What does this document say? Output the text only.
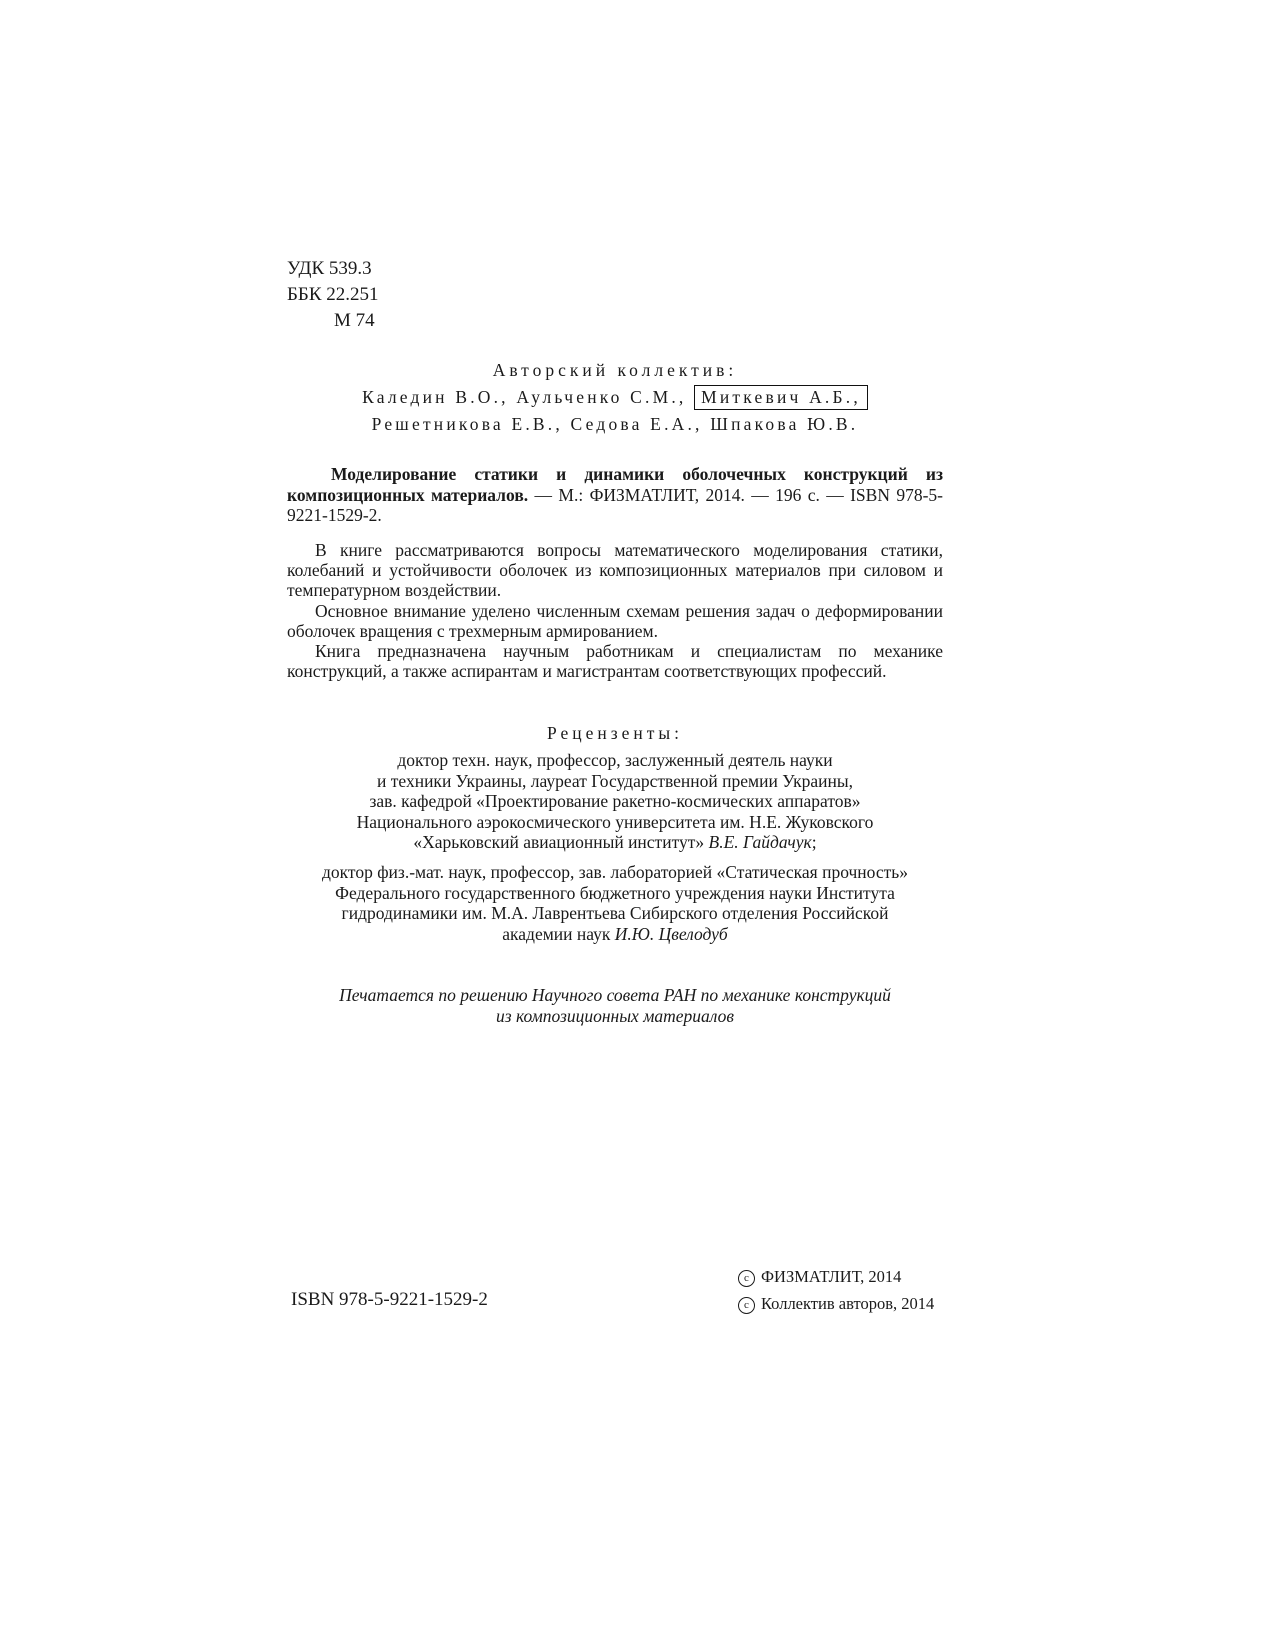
УДК 539.3
ББК 22.251
М 74
Авторский коллектив:
Каледин В.О., Аульченко С.М., Миткевич А.Б.,
Решетникова Е.В., Седова Е.А., Шпакова Ю.В.
Моделирование статики и динамики оболочечных конструкций из композиционных материалов. — М.: ФИЗМАТЛИТ, 2014. — 196 с. — ISBN 978-5-9221-1529-2.

В книге рассматриваются вопросы математического моделирования статики, колебаний и устойчивости оболочек из композиционных материалов при силовом и температурном воздействии.

Основное внимание уделено численным схемам решения задач о деформировании оболочек вращения с трехмерным армированием.

Книга предназначена научным работникам и специалистам по механике конструкций, а также аспирантам и магистрантам соответствующих профессий.

Рецензенты:
доктор техн. наук, профессор, заслуженный деятель науки
и техники Украины, лауреат Государственной премии Украины,
зав. кафедрой «Проектирование ракетно-космических аппаратов»
Национального аэрокосмического университета им. Н.Е. Жуковского
«Харьковский авиационный институт» В.Е. Гайдачук;
доктор физ.-мат. наук, профессор, зав. лабораторией «Статическая прочность»
Федерального государственного бюджетного учреждения науки Института
гидродинамики им. М.А. Лаврентьева Сибирского отделения Российской
академии наук И.Ю. Цвелодуб
Печатается по решению Научного совета РАН по механике конструкций
из композиционных материалов
ISBN 978-5-9221-1529-2
c ФИЗМАТЛИТ, 2014
c Коллектив авторов, 2014
